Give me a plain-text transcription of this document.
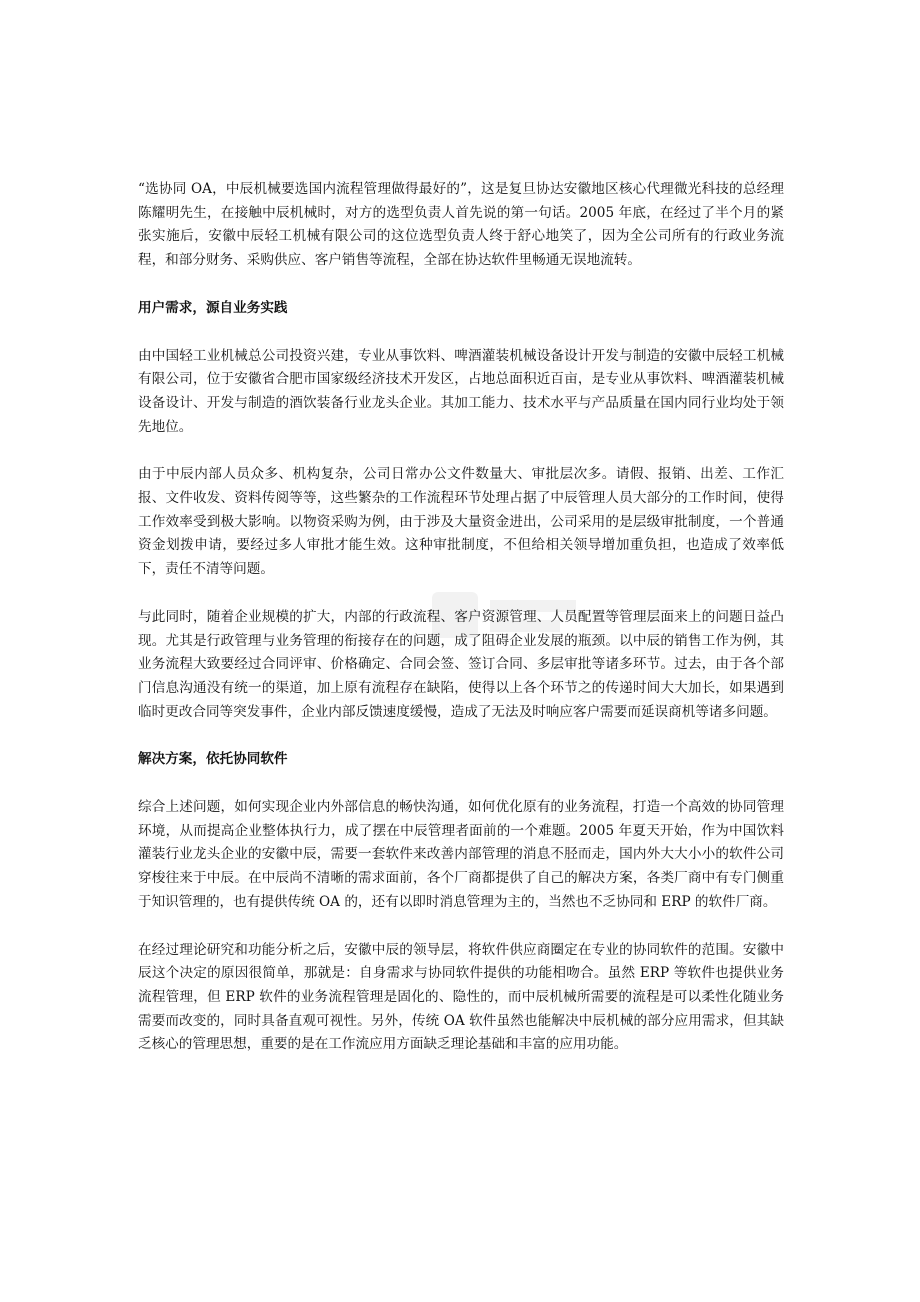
“选协同 OA，中辰机械要选国内流程管理做得最好的”，这是复旦协达安徽地区核心代理微光科技的总经理陈耀明先生，在接触中辰机械时，对方的选型负责人首先说的第一句话。2005 年底，在经过了半个月的紧张实施后，安徽中辰轻工机械有限公司的这位选型负责人终于舒心地笑了，因为全公司所有的行政业务流程，和部分财务、采购供应、客户销售等流程，全部在协达软件里畅通无误地流转。

用户需求，源自业务实践

由中国轻工业机械总公司投资兴建，专业从事饮料、啤酒灌装机械设备设计开发与制造的安徽中辰轻工机械有限公司，位于安徽省合肥市国家级经济技术开发区，占地总面积近百亩，是专业从事饮料、啤酒灌装机械设备设计、开发与制造的酒饮装备行业龙头企业。其加工能力、技术水平与产品质量在国内同行业均处于领先地位。

由于中辰内部人员众多、机构复杂，公司日常办公文件数量大、审批层次多。请假、报销、出差、工作汇报、文件收发、资料传阅等等，这些繁杂的工作流程环节处理占据了中辰管理人员大部分的工作时间，使得工作效率受到极大影响。以物资采购为例，由于涉及大量资金进出，公司采用的是层级审批制度，一个普通资金划拨申请，要经过多人审批才能生效。这种审批制度，不但给相关领导增加重负担，也造成了效率低下，责任不清等问题。

与此同时，随着企业规模的扩大，内部的行政流程、客户资源管理、人员配置等管理层面来上的问题日益凸现。尤其是行政管理与业务管理的衔接存在的问题，成了阻碍企业发展的瓶颈。以中辰的销售工作为例，其业务流程大致要经过合同评审、价格确定、合同会签、签订合同、多层审批等诸多环节。过去，由于各个部门信息沟通没有统一的渠道，加上原有流程存在缺陷，使得以上各个环节之的传递时间大大加长，如果遇到临时更改合同等突发事件，企业内部反馈速度缓慢，造成了无法及时响应客户需要而延误商机等诸多问题。

解决方案，依托协同软件

综合上述问题，如何实现企业内外部信息的畅快沟通，如何优化原有的业务流程，打造一个高效的协同管理环境，从而提高企业整体执行力，成了摆在中辰管理者面前的一个难题。2005 年夏天开始，作为中国饮料灌装行业龙头企业的安徽中辰，需要一套软件来改善内部管理的消息不胫而走，国内外大大小小的软件公司穿梭往来于中辰。在中辰尚不清晰的需求面前，各个厂商都提供了自己的解决方案，各类厂商中有专门侧重于知识管理的，也有提供传统 OA 的，还有以即时消息管理为主的，当然也不乏协同和 ERP 的软件厂商。

在经过理论研究和功能分析之后，安徽中辰的领导层，将软件供应商圈定在专业的协同软件的范围。安徽中辰这个决定的原因很简单，那就是：自身需求与协同软件提供的功能相吻合。虽然 ERP 等软件也提供业务流程管理，但 ERP 软件的业务流程管理是固化的、隐性的，而中辰机械所需要的流程是可以柔性化随业务需要而改变的，同时具备直观可视性。另外，传统 OA 软件虽然也能解决中辰机械的部分应用需求，但其缺乏核心的管理思想，重要的是在工作流应用方面缺乏理论基础和丰富的应用功能。
